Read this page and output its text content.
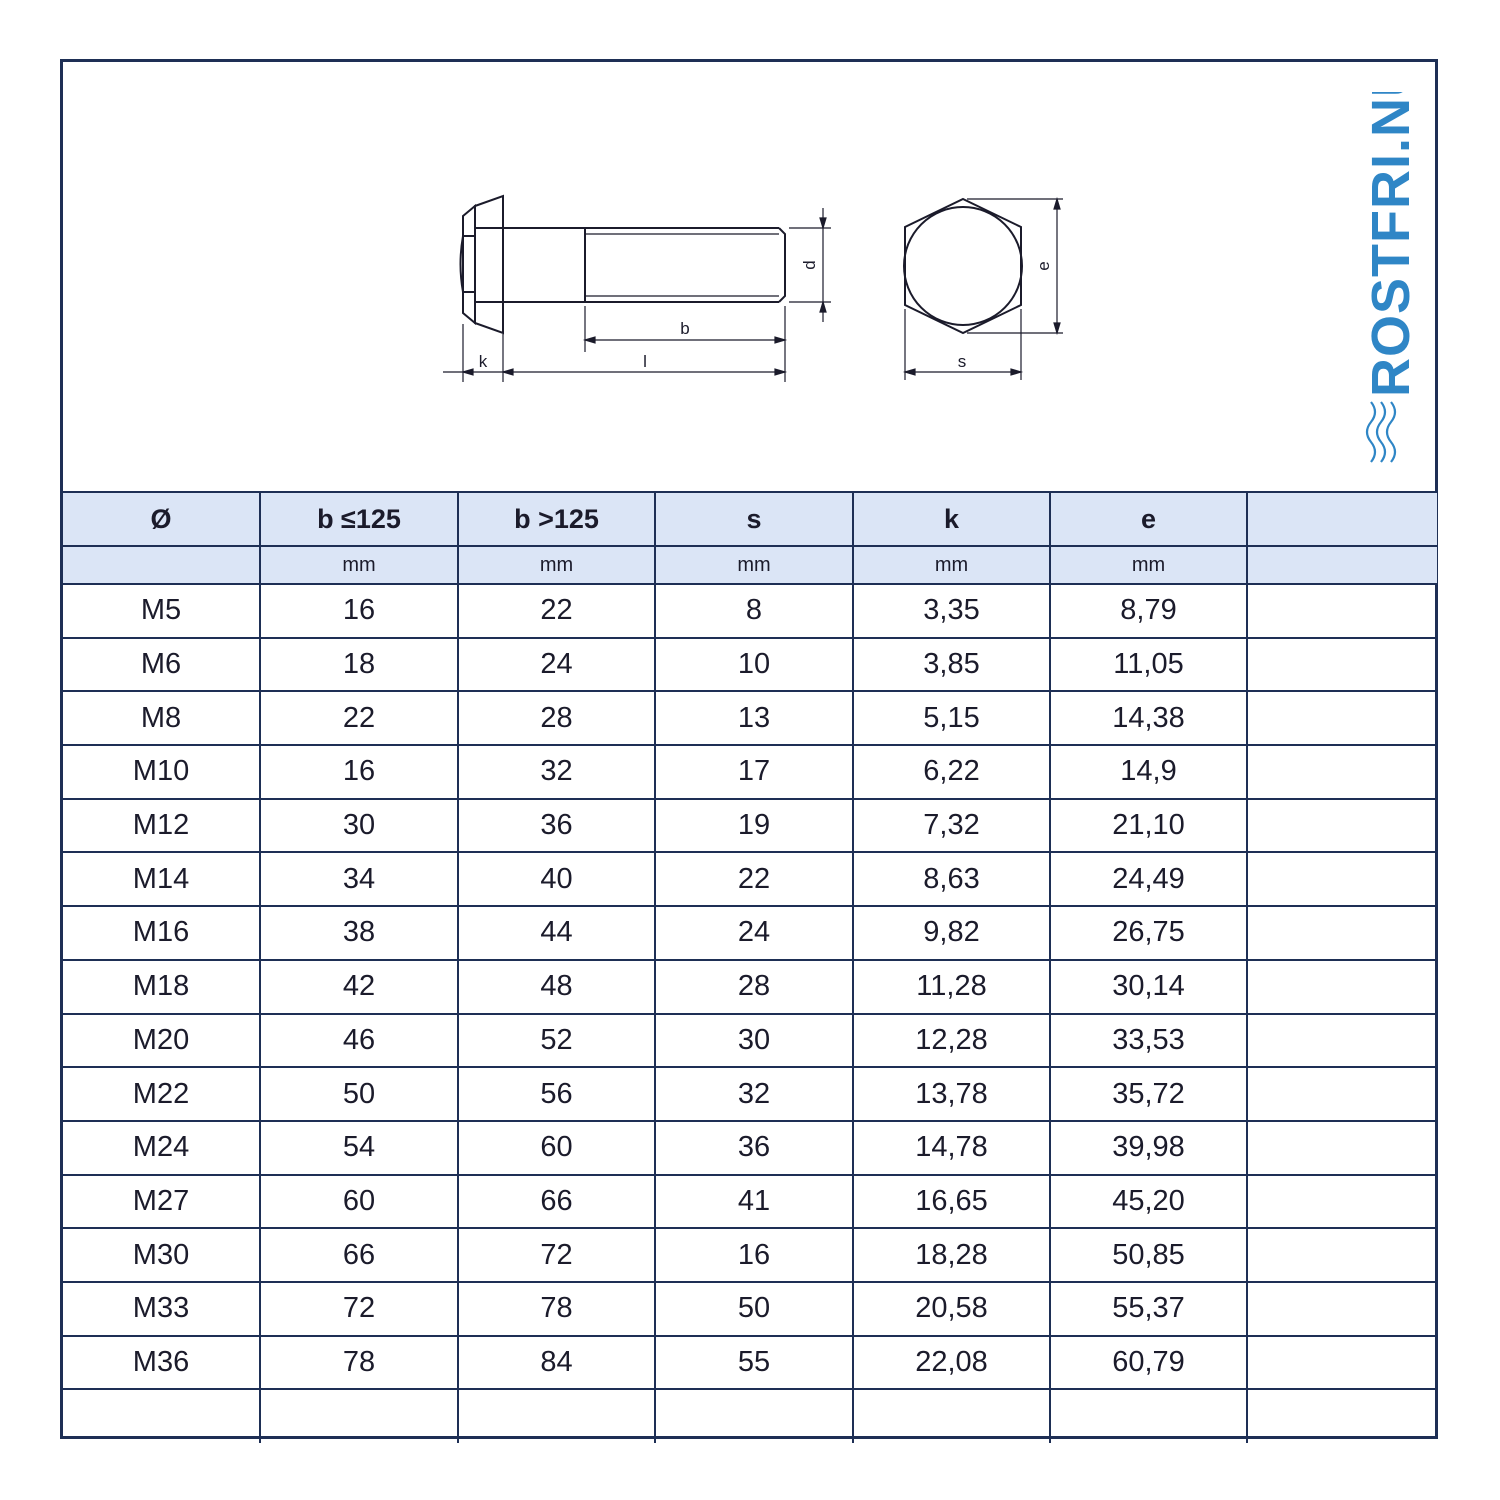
k	l
b
d	e
s	ROSTFRI.NU
Ø	b ≤125	b >125	s	k	e	
	mm	mm	mm	mm	mm	
M5	16	22	8	3,35	8,79	
M6	18	24	10	3,85	11,05	
M8	22	28	13	5,15	14,38	
M10	16	32	17	6,22	14,9	
M12	30	36	19	7,32	21,10	
M14	34	40	22	8,63	24,49	
M16	38	44	24	9,82	26,75	
M18	42	48	28	11,28	30,14	
M20	46	52	30	12,28	33,53	
M22	50	56	32	13,78	35,72	
M24	54	60	36	14,78	39,98	
M27	60	66	41	16,65	45,20	
M30	66	72	16	18,28	50,85	
M33	72	78	50	20,58	55,37	
M36	78	84	55	22,08	60,79	
